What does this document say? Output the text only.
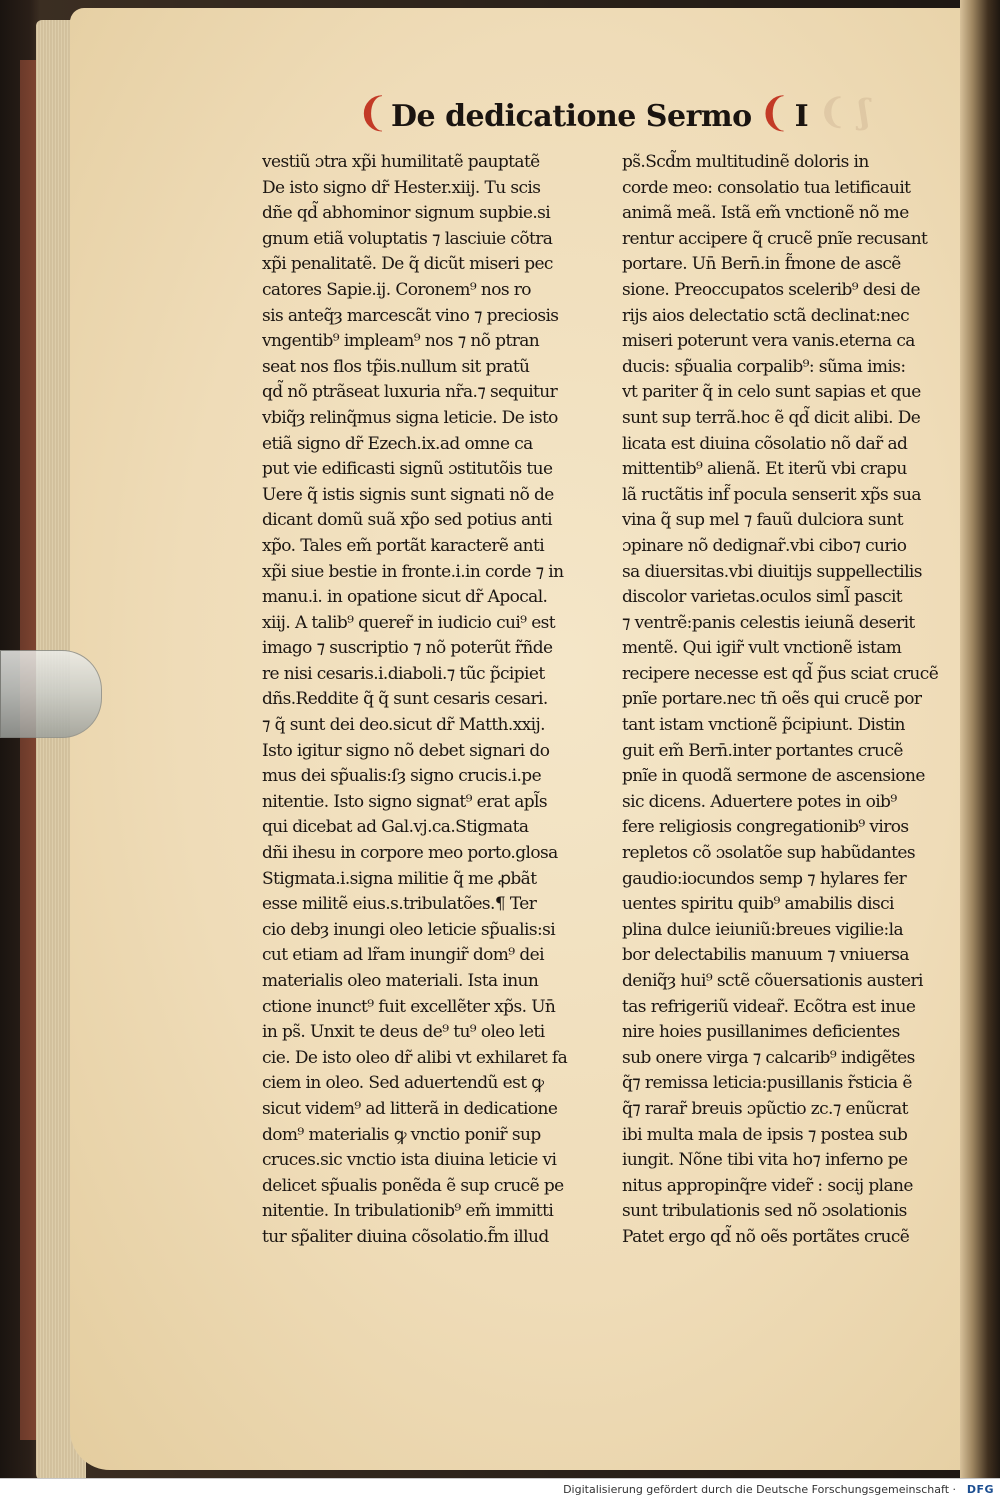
❨De dedicatione Sermo ❨ I ❨ ʃ
vestiũ ɔtra xp̃i humilitatẽ pauptatẽ
De isto signo dr̃ Hester.xiij. Tu scis
dñe qd̃ abhominor signum supbie.si
gnum etiã voluptatis ⁊ lasciuie cõtra
xp̃i penalitatẽ. De q̃ dicũt miseri pec
catores Sapie.ij. Coronem⁹ nos ro
sis anteq̃ȝ marcescãt vino ⁊ preciosis
vngentib⁹ impleam⁹ nos ⁊ nõ ptran
seat nos flos tp̃is.nullum sit pratũ
qd̃ nõ ptrãseat luxuria nr̃a.⁊ sequitur
vbiq̃ȝ relinq̃mus signa leticie. De isto
etiã signo dr̃ Ezech.ix.ad omne ca
put vie edificasti signũ ɔstitutõis tue
Uere q̃ istis signis sunt signati nõ de
dicant domũ suã xp̃o sed potius anti
xp̃o. Tales em̃ portãt karacterẽ anti
xp̃i siue bestie in fronte.i.in corde ⁊ in
manu.i. in opatione sicut dr̃ Apocal.
xiij. A talib⁹ querer̃ in iudicio cui⁹ est
imago ⁊ suscriptio ⁊ nõ poterũt r̃ñde
re nisi cesaris.i.diaboli.⁊ tũc p̃cipiet
dñs.Reddite q̃ q̃ sunt cesaris cesari.
⁊ q̃ sunt dei deo.sicut dr̃ Matth.xxij.
Isto igitur signo nõ debet signari do
mus dei sp̃ualis:ſȝ signo crucis.i.pe
nitentie. Isto signo signat⁹ erat apl̃s
qui dicebat ad Gal.vj.ca.Stigmata
dñi ihesu in corpore meo porto.glosa
Stigmata.i.signa militie q̃ me ꝓbãt
esse militẽ eius.s.tribulatões.¶ Ter
cio debȝ inungi oleo leticie sp̃ualis:si
cut etiam ad lr̃am inungir̃ dom⁹ dei
materialis oleo materiali. Ista inun
ctione inunct⁹ fuit excellẽter xp̃s. Un̄
in ps̃. Unxit te deus de⁹ tu⁹ oleo leti
cie. De isto oleo dr̃ alibi vt exhilaret fa
ciem in oleo. Sed aduertendũ est ꝙ
sicut videm⁹ ad litterã in dedicatione
dom⁹ materialis ꝙ vnctio ponir̃ sup
cruces.sic vnctio ista diuina leticie vi
delicet sp̃ualis ponẽda ẽ sup crucẽ pe
nitentie. In tribulationib⁹ em̃ immitti
tur sp̃aliter diuina cõsolatio.f̃m illud
ps̃.Scd̃m multitudinẽ doloris in
corde meo: consolatio tua letificauit
animã meã. Istã em̃ vnctionẽ nõ me
rentur accipere q̃ crucẽ pnĩe recusant
portare. Un̄ Bern̄.in f̃mone de ascẽ
sione. Preoccupatos scelerib⁹ desi de
rijs aios delectatio sctã declinat:nec
miseri poterunt vera vanis.eterna ca
ducis: sp̃ualia corpalib⁹: sũma imis:
vt pariter q̃ in celo sunt sapias et que
sunt sup terrã.hoc ẽ qd̃ dicit alibi. De
licata est diuina cõsolatio nõ dar̃ ad
mittentib⁹ alienã. Et iterũ vbi crapu
lã ructãtis inf̃ pocula senserit xp̃s sua
vina q̃ sup mel ⁊ fauũ dulciora sunt
ɔpinare nõ dedignar̃.vbi cibo⁊ curio
sa diuersitas.vbi diuitijs suppellectilis
discolor varietas.oculos siml̃ pascit
⁊ ventrẽ:panis celestis ieiunã deserit
mentẽ. Qui igir̃ vult vnctionẽ istam
recipere necesse est qd̃ p̃us sciat crucẽ
pnĩe portare.nec tñ oẽs qui crucẽ por
tant istam vnctionẽ p̃cipiunt. Distin
guit em̃ Bern̄.inter portantes crucẽ
pnĩe in quodã sermone de ascensione
sic dicens. Aduertere potes in oib⁹
fere religiosis congregationib⁹ viros
repletos cõ ɔsolatõe sup habũdantes
gaudio:iocundos semp ⁊ hylares fer
uentes spiritu quib⁹ amabilis disci
plina dulce ieiuniũ:breues vigilie:la
bor delectabilis manuum ⁊ vniuersa
deniq̃ȝ hui⁹ sctẽ cõuersationis austeri
tas refrigeriũ videar̃. Ecõtra est inue
nire hoies pusillanimes deficientes
sub onere virga ⁊ calcarib⁹ indigẽtes
q̃⁊ remissa leticia:pusillanis r̃sticia ẽ
q̃⁊ rarar̃ breuis ɔpũctio zc.⁊ enũcrat
ibi multa mala de ipsis ⁊ postea sub
iungit. Nõne tibi vita ho⁊ inferno pe
nitus appropinq̃re vider̃ : socij plane
sunt tribulationis sed nõ ɔsolationis
Patet ergo qd̃ nõ oẽs portãtes crucẽ
Digitalisierung gefördert durch die Deutsche Forschungsgemeinschaft · DFG
